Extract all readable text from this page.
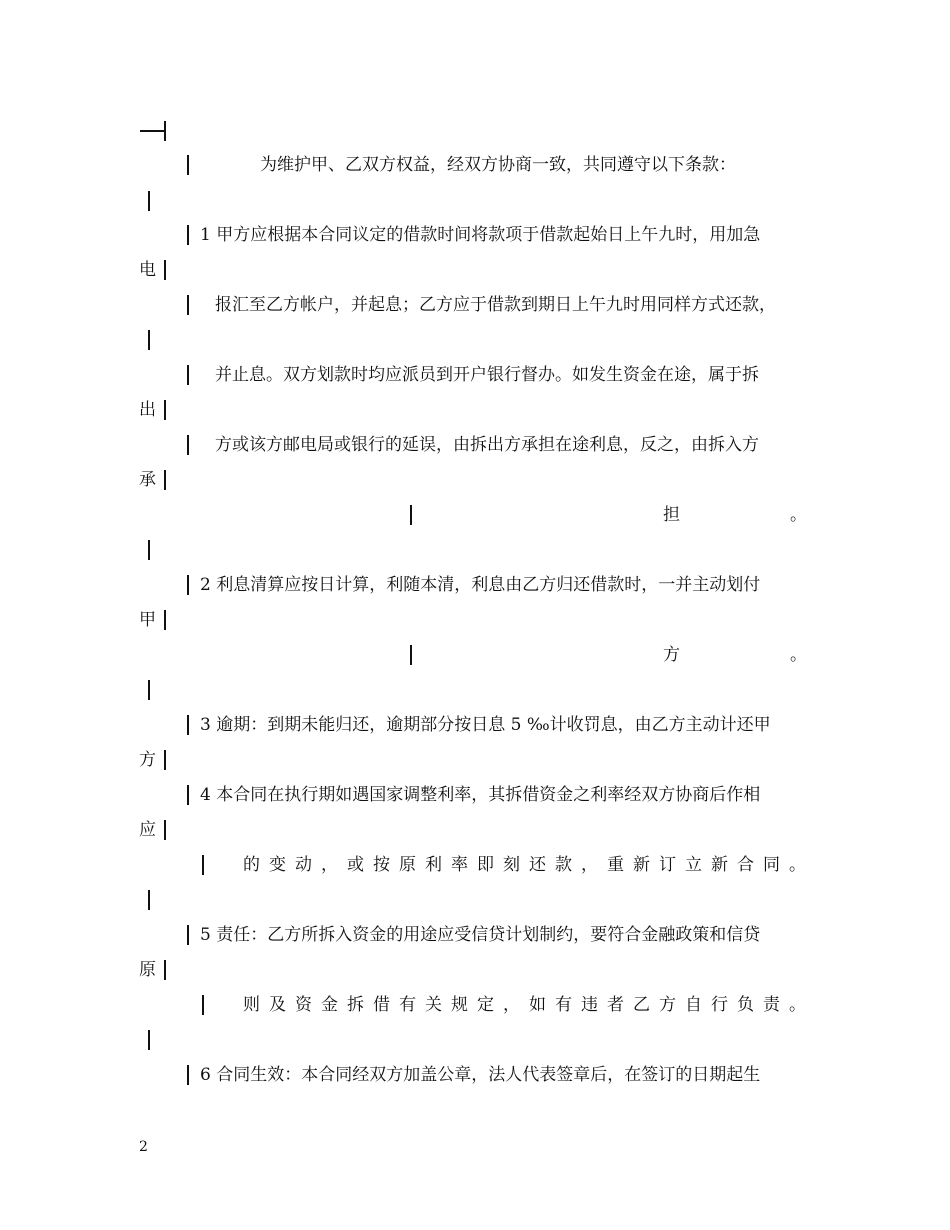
为维护甲、乙双方权益，经双方协商一致，共同遵守以下条款：
1 甲方应根据本合同议定的借款时间将款项于借款起始日上午九时，用加急
电
报汇至乙方帐户，并起息；乙方应于借款到期日上午九时用同样方式还款，
并止息。双方划款时均应派员到开户银行督办。如发生资金在途，属于拆
出
方或该方邮电局或银行的延误，由拆出方承担在途利息，反之，由拆入方
承
担	。
2 利息清算应按日计算，利随本清，利息由乙方归还借款时，一并主动划付
甲
方	。
3 逾期：到期未能归还，逾期部分按日息 5 ‰计收罚息，由乙方主动计还甲
方
4 本合同在执行期如遇国家调整利率，其拆借资金之利率经双方协商后作相
应
的 变 动 ， 或 按 原 利 率 即 刻 还 款 ， 重 新 订 立 新 合 同 。
5 责任：乙方所拆入资金的用途应受信贷计划制约，要符合金融政策和信贷
原
则 及 资 金 拆 借 有 关 规 定 ， 如 有 违 者 乙 方 自 行 负 责 。
6 合同生效：本合同经双方加盖公章，法人代表签章后，在签订的日期起生
2
